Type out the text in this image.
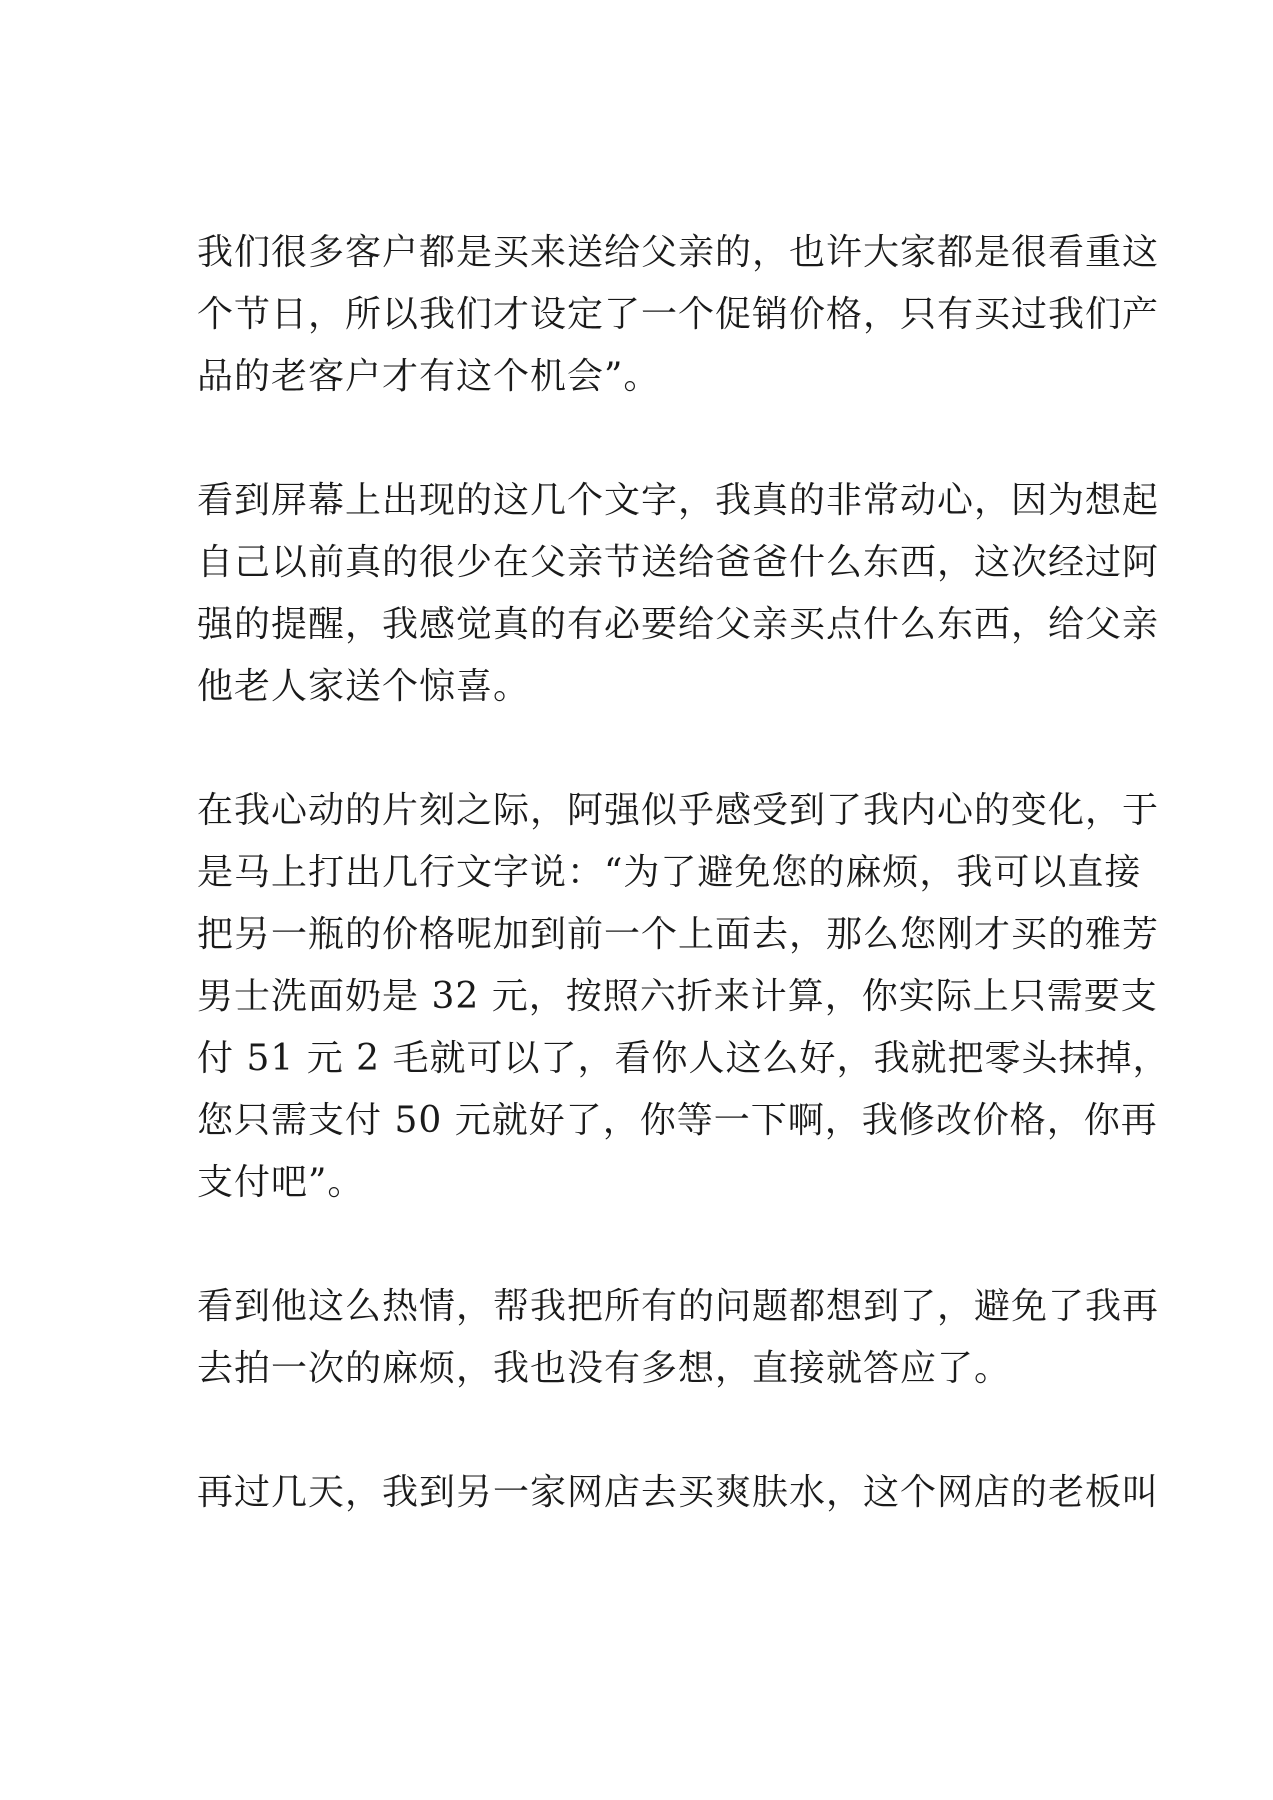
我们很多客户都是买来送给父亲的，也许大家都是很看重这
个节日，所以我们才设定了一个促销价格，只有买过我们产
品的老客户才有这个机会”。

看到屏幕上出现的这几个文字，我真的非常动心，因为想起
自己以前真的很少在父亲节送给爸爸什么东西，这次经过阿
强的提醒，我感觉真的有必要给父亲买点什么东西，给父亲
他老人家送个惊喜。

在我心动的片刻之际，阿强似乎感受到了我内心的变化，于
是马上打出几行文字说：“为了避免您的麻烦，我可以直接
把另一瓶的价格呢加到前一个上面去，那么您刚才买的雅芳
男士洗面奶是 32 元，按照六折来计算，你实际上只需要支
付 51 元 2 毛就可以了，看你人这么好，我就把零头抹掉，
您只需支付 50 元就好了，你等一下啊，我修改价格，你再
支付吧”。

看到他这么热情，帮我把所有的问题都想到了，避免了我再
去拍一次的麻烦，我也没有多想，直接就答应了。

再过几天，我到另一家网店去买爽肤水，这个网店的老板叫
